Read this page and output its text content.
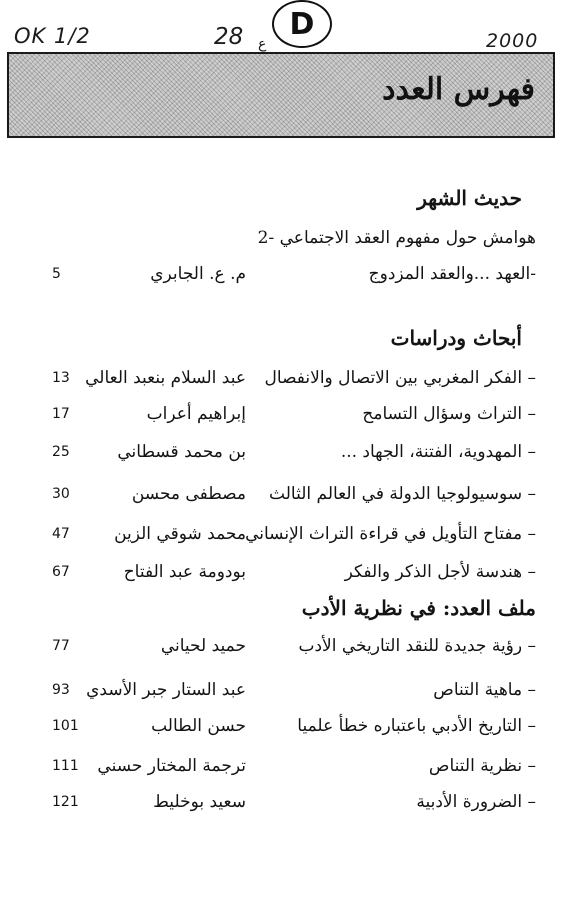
OK 1/2	28 ع
D	2000
فهرس العدد
حديث الشهر
هوامش حول مفهوم العقد الاجتماعي -2
-العهد ...والعقد المزدوج
م. ع. الجابري
5
أبحاث ودراسات
– الفكر المغربي بين الاتصال والانفصال
عبد السلام بنعبد العالي
13
– التراث وسؤال التسامح
إبراهيم أعراب
17
– المهدوية، الفتنة، الجهاد ...
بن محمد قسطاني
25
– سوسيولوجيا الدولة في العالم الثالث
مصطفى محسن
30
– مفتاح التأويل في قراءة التراث الإنساني
محمد شوقي الزين
47
– هندسة لأجل الذكر والفكر
بودومة عبد الفتاح
67
ملف العدد: في نظرية الأدب
– رؤية جديدة للنقد التاريخي الأدب
حميد لحياني
77
– ماهية التناص
عبد الستار جبر الأسدي
93
– التاريخ الأدبي باعتباره خطأ علميا
حسن الطالب
101
– نظرية التناص
ترجمة المختار حسني
111
– الضرورة الأدبية
سعيد بوخليط
121
